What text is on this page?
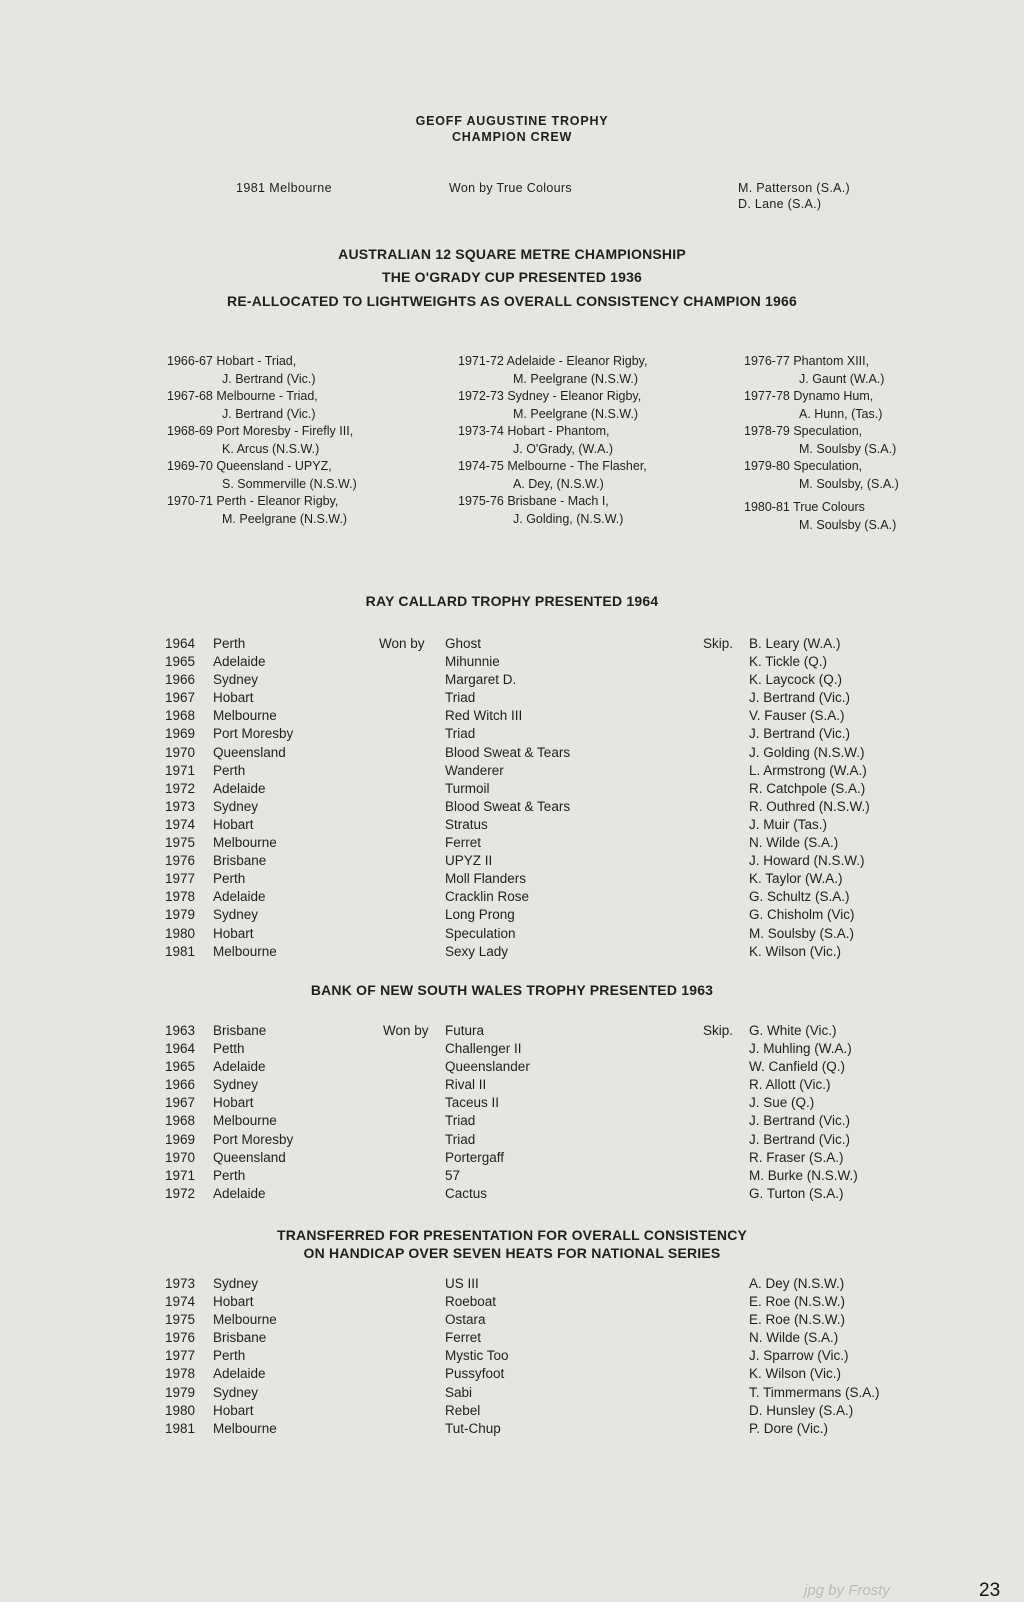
GEOFF AUGUSTINE TROPHY
CHAMPION CREW
1981 Melbourne	Won by True Colours	M. Patterson (S.A.)
D. Lane (S.A.)
AUSTRALIAN 12 SQUARE METRE CHAMPIONSHIP
THE O'GRADY CUP PRESENTED 1936
RE-ALLOCATED TO LIGHTWEIGHTS AS OVERALL CONSISTENCY CHAMPION 1966
1966-67 Hobart - Triad,
J. Bertrand (Vic.)
1967-68 Melbourne - Triad,
J. Bertrand (Vic.)
1968-69 Port Moresby - Firefly III,
K. Arcus (N.S.W.)
1969-70 Queensland - UPYZ,
S. Sommerville (N.S.W.)
1970-71 Perth - Eleanor Rigby,
M. Peelgrane (N.S.W.)
1971-72 Adelaide - Eleanor Rigby,
M. Peelgrane (N.S.W.)
1972-73 Sydney - Eleanor Rigby,
M. Peelgrane (N.S.W.)
1973-74 Hobart - Phantom,
J. O'Grady, (W.A.)
1974-75 Melbourne - The Flasher,
A. Dey, (N.S.W.)
1975-76 Brisbane - Mach I,
J. Golding, (N.S.W.)
1976-77 Phantom XIII,
J. Gaunt (W.A.)
1977-78 Dynamo Hum,
A. Hunn, (Tas.)
1978-79 Speculation,
M. Soulsby (S.A.)
1979-80 Speculation,
M. Soulsby, (S.A.)
1980-81 True Colours
M. Soulsby (S.A.)
RAY CALLARD TROPHY PRESENTED 1964
Won by	Skip.
1964 Perth	Ghost	B. Leary (W.A.)
1965 Adelaide	Mihunnie	K. Tickle (Q.)
1966 Sydney	Margaret D.	K. Laycock (Q.)
1967 Hobart	Triad	J. Bertrand (Vic.)
1968 Melbourne	Red Witch III	V. Fauser (S.A.)
1969 Port Moresby	Triad	J. Bertrand (Vic.)
1970 Queensland	Blood Sweat & Tears	J. Golding (N.S.W.)
1971 Perth	Wanderer	L. Armstrong (W.A.)
1972 Adelaide	Turmoil	R. Catchpole (S.A.)
1973 Sydney	Blood Sweat & Tears	R. Outhred (N.S.W.)
1974 Hobart	Stratus	J. Muir (Tas.)
1975 Melbourne	Ferret	N. Wilde (S.A.)
1976 Brisbane	UPYZ II	J. Howard (N.S.W.)
1977 Perth	Moll Flanders	K. Taylor (W.A.)
1978 Adelaide	Cracklin Rose	G. Schultz (S.A.)
1979 Sydney	Long Prong	G. Chisholm (Vic)
1980 Hobart	Speculation	M. Soulsby (S.A.)
1981 Melbourne	Sexy Lady	K. Wilson (Vic.)
BANK OF NEW SOUTH WALES TROPHY PRESENTED 1963
Won by	Skip.
1963 Brisbane	Futura	G. White (Vic.)
1964 Petth	Challenger II	J. Muhling (W.A.)
1965 Adelaide	Queenslander	W. Canfield (Q.)
1966 Sydney	Rival II	R. Allott (Vic.)
1967 Hobart	Taceus II	J. Sue (Q.)
1968 Melbourne	Triad	J. Bertrand (Vic.)
1969 Port Moresby	Triad	J. Bertrand (Vic.)
1970 Queensland	Portergaff	R. Fraser (S.A.)
1971 Perth	57	M. Burke (N.S.W.)
1972 Adelaide	Cactus	G. Turton (S.A.)
TRANSFERRED FOR PRESENTATION FOR OVERALL CONSISTENCY
ON HANDICAP OVER SEVEN HEATS FOR NATIONAL SERIES
1973 Sydney	US III	A. Dey (N.S.W.)
1974 Hobart	Roeboat	E. Roe (N.S.W.)
1975 Melbourne	Ostara	E. Roe (N.S.W.)
1976 Brisbane	Ferret	N. Wilde (S.A.)
1977 Perth	Mystic Too	J. Sparrow (Vic.)
1978 Adelaide	Pussyfoot	K. Wilson (Vic.)
1979 Sydney	Sabi	T. Timmermans (S.A.)
1980 Hobart	Rebel	D. Hunsley (S.A.)
1981 Melbourne	Tut-Chup	P. Dore (Vic.)
jpg by Frosty	23
